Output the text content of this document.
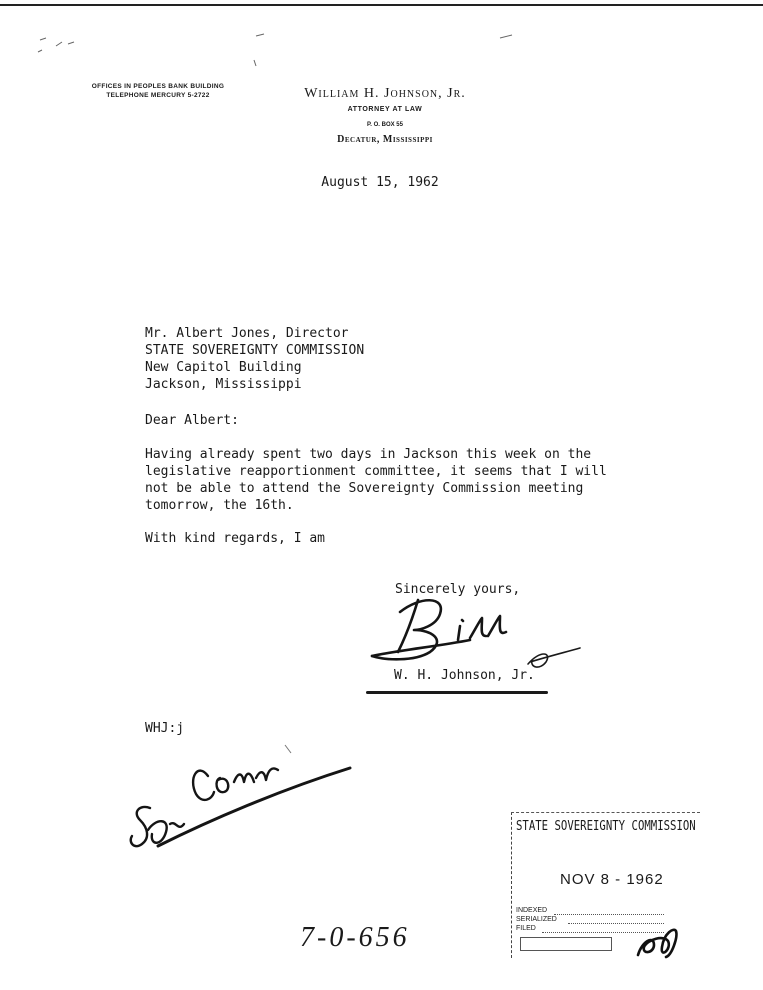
OFFICES IN PEOPLES BANK BUILDING
TELEPHONE MERCURY 5-2722	William H. Johnson, Jr.
ATTORNEY AT LAW
P. O. BOX 55
Decatur, Mississippi
August 15, 1962
Mr. Albert Jones, Director
STATE SOVEREIGNTY COMMISSION
New Capitol Building
Jackson, Mississippi
Dear Albert:
Having already spent two days in Jackson this week on the
legislative reapportionment committee, it seems that I will
not be able to attend the Sovereignty Commission meeting
tomorrow, the 16th.
With kind regards, I am
Sincerely yours,
W. H. Johnson, Jr.
WHJ:j
STATE SOVEREIGNTY COMMISSION
NOV 8 - 1962
INDEXED
SERIALIZED
FILED
7-0-656
